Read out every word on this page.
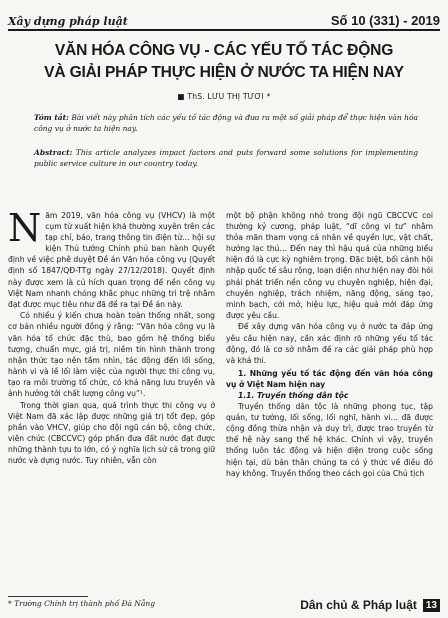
Xây dựng pháp luật	Số 10 (331) - 2019
VĂN HÓA CÔNG VỤ - CÁC YẾU TỐ TÁC ĐỘNG
VÀ GIẢI PHÁP THỰC HIỆN Ở NƯỚC TA HIỆN NAY
■ ThS. LƯU THỊ TƯƠI *
Tóm tắt: Bài viết này phân tích các yếu tố tác động và đưa ra một số giải pháp để thực hiện văn hóa công vụ ở nước ta hiện nay.
Abstract: This article analyzes impact factors and puts forward some solutions for implementing public service culture in our country today.

Năm 2019, văn hóa công vụ (VHCV) là một cụm từ xuất hiện khá thường xuyên trên các tạp chí, báo, trang thông tin điện tử… hội sự kiện Thủ tướng Chính phủ ban hành Quyết định về việc phê duyệt Đề án Văn hóa công vụ (Quyết định số 1847/QĐ-TTg ngày 27/12/2018). Quyết định này được xem là cú hích quan trọng để nền công vụ Việt Nam nhanh chóng khắc phục những trì trệ nhằm đạt được mục tiêu như đã đề ra tại Đề án này.

Có nhiều ý kiến chưa hoàn toàn thống nhất, song cơ bản nhiều người đồng ý rằng: “Văn hóa công vụ là văn hóa tổ chức đặc thù, bao gồm hệ thống biểu tượng, chuẩn mực, giá trị, niềm tin hình thành trong nhận thức tạo nên tầm nhìn, tác động đến lối sống, hành vi và lề lối làm việc của người thực thi công vụ, tạo ra môi trường tổ chức, có khả năng lưu truyền và ảnh hưởng tới chất lượng công vụ”¹.

Trong thời gian qua, quá trình thực thi công vụ ở Việt Nam đã xác lập được những giá trị tốt đẹp, góp phần vào VHCV, giúp cho đội ngũ cán bộ, công chức, viên chức (CBCCVC) góp phần đưa đất nước đạt được những thành tựu to lớn, có ý nghĩa lịch sử cả trong giữ nước và dựng nước. Tuy nhiên, vẫn còn

một bộ phận không nhỏ trong đội ngũ CBCCVC coi thường kỷ cương, pháp luật, “dĩ công vi tư” nhằm thỏa mãn tham vọng cá nhân về quyền lực, vật chất, hưởng lạc thú… Đến nay thì hậu quả của những biểu hiện đó là cực kỳ nghiêm trọng. Đặc biệt, bối cảnh hội nhập quốc tế sâu rộng, loạn diện như hiện nay đòi hỏi phải phát triển nền công vụ chuyên nghiệp, hiện đại, chuyên nghiệp, trách nhiệm, năng động, sáng tạo, minh bạch, cởi mở, hiệu lực, hiệu quả mới đáp ứng được yêu cầu.

Để xây dựng văn hóa công vụ ở nước ta đáp ứng yêu cầu hiện nay, cần xác định rõ những yếu tố tác động, đó là cơ sở nhằm đề ra các giải pháp phù hợp và khả thi.

1. Những yếu tố tác động đến văn hóa công vụ ở Việt Nam hiện nay
1.1. Truyền thống dân tộc

Truyền thống dân tộc là những phong tục, tập quán, tư tưởng, lối sống, lối nghĩ, hành vi… đã được cộng đồng thừa nhận và duy trì, được trao truyền từ thế hệ này sang thế hệ khác. Chính vì vậy, truyền thống luôn tác động và hiện diện trong cuộc sống hiện tại, dù bản thân chúng ta có ý thức về điều đó hay không. Truyền thống theo cách gọi của Chủ tịch

* Trường Chính trị thành phố Đà Nẵng	Dân chủ & Pháp luật 13
